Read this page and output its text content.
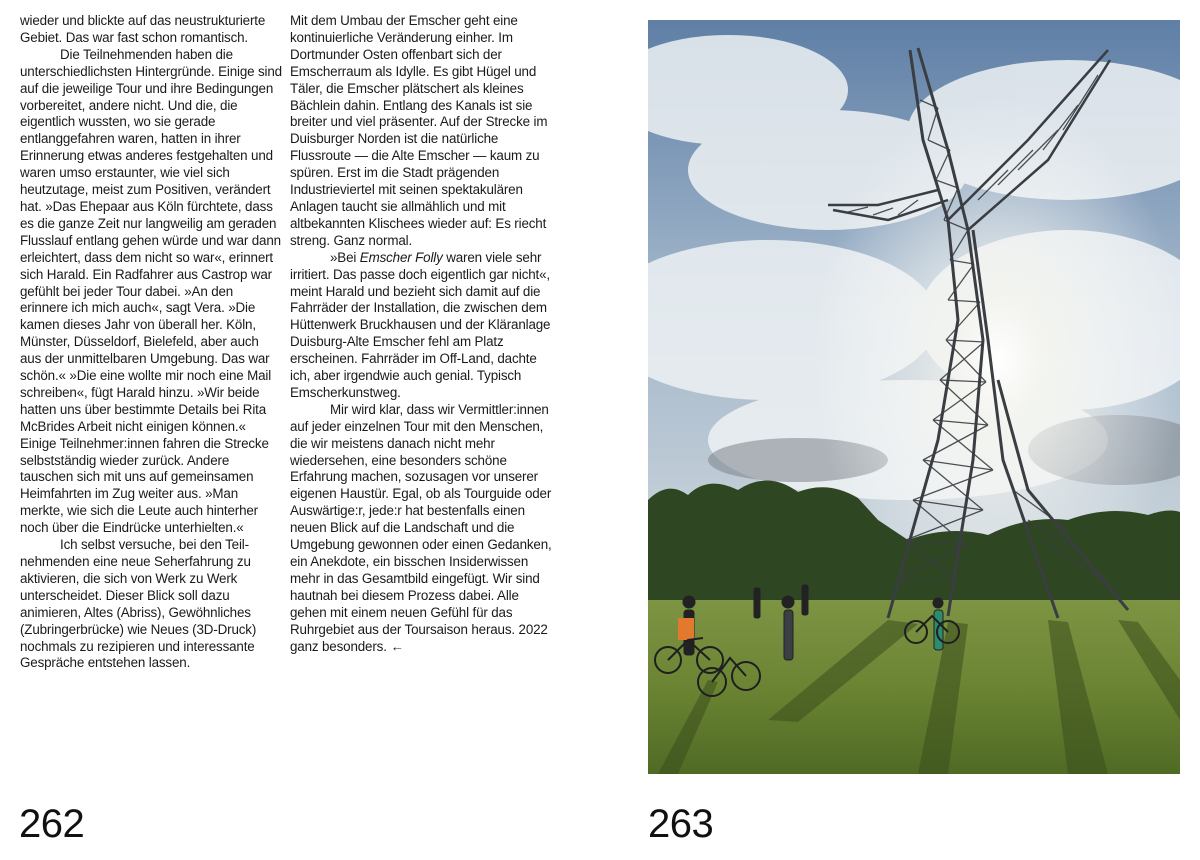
wieder und blickte auf das neustrukturierte Gebiet. Das war fast schon romantisch.

Die Teilnehmenden haben die unterschiedlichsten Hintergründe. Einige sind auf die jeweilige Tour und ihre Bedingungen vorbereitet, andere nicht. Und die, die eigentlich wussten, wo sie gerade entlanggefahren waren, hatten in ihrer Erinnerung etwas anderes festgehalten und waren umso erstaunter, wie viel sich heutzutage, meist zum Positiven, verändert hat. »Das Ehepaar aus Köln fürchtete, dass es die ganze Zeit nur langweilig am geraden Flusslauf entlang gehen würde und war dann erleichtert, dass dem nicht so war«, erinnert sich Harald. Ein Radfahrer aus Castrop war gefühlt bei jeder Tour dabei. »An den erinnere ich mich auch«, sagt Vera. »Die kamen dieses Jahr von überall her. Köln, Münster, Düsseldorf, Bielefeld, aber auch aus der unmittelbaren Umgebung. Das war schön.« »Die eine wollte mir noch eine Mail schreiben«, fügt Harald hinzu. »Wir beide hatten uns über bestimmte Details bei Rita McBrides Arbeit nicht einigen können.« Einige Teilnehmer:innen fahren die Strecke selbstständig wieder zurück. Andere tauschen sich mit uns auf gemeinsamen Heimfahrten im Zug weiter aus. »Man merkte, wie sich die Leute auch hinterher noch über die Eindrücke unterhielten.«

Ich selbst versuche, bei den Teilnehmenden eine neue Seherfahrung zu aktivieren, die sich von Werk zu Werk unterscheidet. Dieser Blick soll dazu animieren, Altes (Abriss), Gewöhnliches (Zubringerbrücke) wie Neues (3D-Druck) nochmals zu rezipieren und interessante Gespräche entstehen lassen.

Mit dem Umbau der Emscher geht eine kontinuierliche Veränderung einher. Im Dortmunder Osten offenbart sich der Emscherraum als Idylle. Es gibt Hügel und Täler, die Emscher plätschert als kleines Bächlein dahin. Entlang des Kanals ist sie breiter und viel präsenter. Auf der Strecke im Duisburger Norden ist die natürliche Flussroute — die Alte Emscher — kaum zu spüren. Erst im die Stadt prägenden Industrieviertel mit seinen spektakulären Anlagen taucht sie allmählich und mit altbekannten Klischees wieder auf: Es riecht streng. Ganz normal.

»Bei Emscher Folly waren viele sehr irritiert. Das passe doch eigentlich gar nicht«, meint Harald und bezieht sich damit auf die Fahrräder der Installation, die zwischen dem Hüttenwerk Bruckhausen und der Kläranlage Duisburg-Alte Emscher fehl am Platz erscheinen. Fahrräder im Off-Land, dachte ich, aber irgendwie auch genial. Typisch Emscherkunstweg.

Mir wird klar, dass wir Vermittler:innen auf jeder einzelnen Tour mit den Menschen, die wir meistens danach nicht mehr wiedersehen, eine besonders schöne Erfahrung machen, sozusagen vor unserer eigenen Haustür. Egal, ob als Tourguide oder Auswärtige:r, jede:r hat bestenfalls einen neuen Blick auf die Landschaft und die Umgebung gewonnen oder einen Gedanken, ein Anekdote, ein bisschen Insiderwissen mehr in das Gesamtbild eingefügt. Wir sind hautnah bei diesem Prozess dabei. Alle gehen mit einem neuen Gefühl für das Ruhrgebiet aus der Toursaison heraus. 2022 ganz besonders. ←

262	263
